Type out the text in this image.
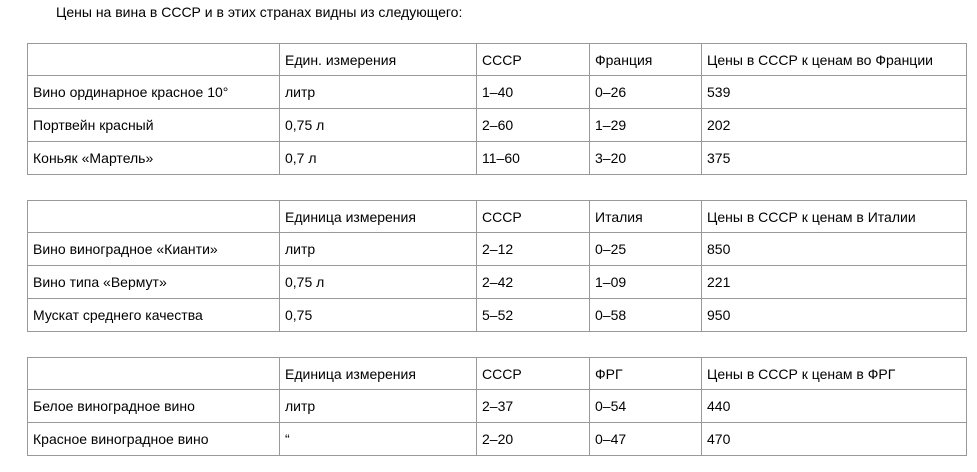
Цены на вина в СССР и в этих странах видны из следующего:
	Един. измерения	СССР	Франция	Цены в СССР к ценам во Франции
Вино ординарное красное 10°	литр	1–40	0–26	539
Портвейн красный	0,75 л	2–60	1–29	202
Коньяк «Мартель»	0,7 л	11–60	3–20	375
	Единица измерения	СССР	Италия	Цены в СССР к ценам в Италии
Вино виноградное «Кианти»	литр	2–12	0–25	850
Вино типа «Вермут»	0,75 л	2–42	1–09	221
Мускат среднего качества	0,75	5–52	0–58	950
	Единица измерения	СССР	ФРГ	Цены в СССР к ценам в ФРГ
Белое виноградное вино	литр	2–37	0–54	440
Красное виноградное вино	“	2–20	0–47	470
